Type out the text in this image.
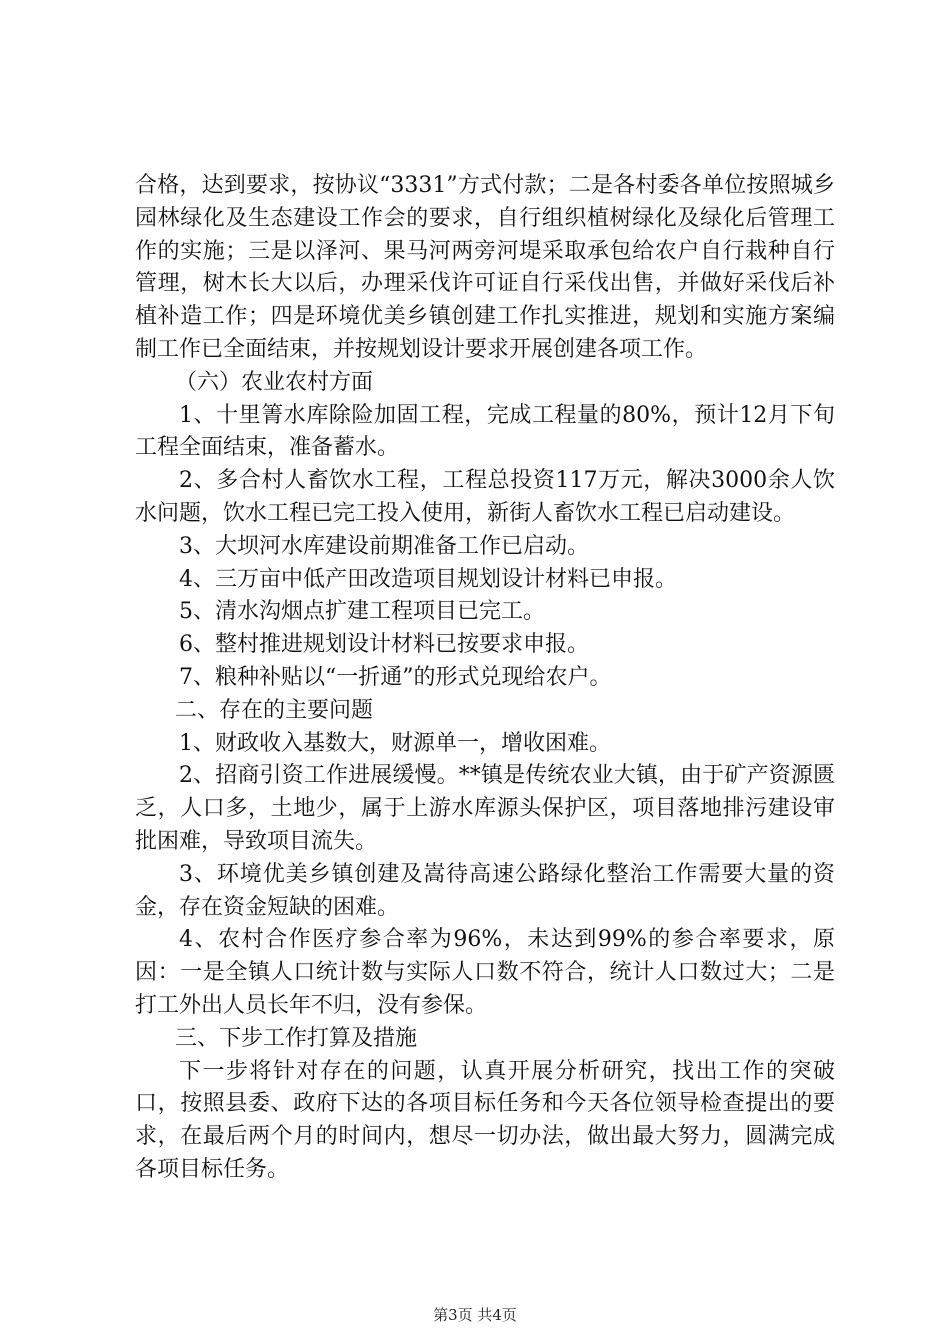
合格，达到要求，按协议“3331”方式付款；二是各村委各单位按照城乡园林绿化及生态建设工作会的要求，自行组织植树绿化及绿化后管理工作的实施；三是以泽河、果马河两旁河堤采取承包给农户自行栽种自行管理，树木长大以后，办理采伐许可证自行采伐出售，并做好采伐后补植补造工作；四是环境优美乡镇创建工作扎实推进，规划和实施方案编制工作已全面结束，并按规划设计要求开展创建各项工作。

（六）农业农村方面

1、十里箐水库除险加固工程，完成工程量的80%，预计12月下旬工程全面结束，准备蓄水。

2、多合村人畜饮水工程，工程总投资117万元，解决3000余人饮水问题，饮水工程已完工投入使用，新街人畜饮水工程已启动建设。

3、大坝河水库建设前期准备工作已启动。

4、三万亩中低产田改造项目规划设计材料已申报。

5、清水沟烟点扩建工程项目已完工。

6、整村推进规划设计材料已按要求申报。

7、粮种补贴以“一折通”的形式兑现给农户。

二、存在的主要问题

1、财政收入基数大，财源单一，增收困难。

2、招商引资工作进展缓慢。**镇是传统农业大镇，由于矿产资源匮乏，人口多，土地少，属于上游水库源头保护区，项目落地排污建设审批困难，导致项目流失。

3、环境优美乡镇创建及嵩待高速公路绿化整治工作需要大量的资金，存在资金短缺的困难。

4、农村合作医疗参合率为96%，未达到99%的参合率要求，原因：一是全镇人口统计数与实际人口数不符合，统计人口数过大；二是打工外出人员长年不归，没有参保。

三、下步工作打算及措施

下一步将针对存在的问题，认真开展分析研究，找出工作的突破口，按照县委、政府下达的各项目标任务和今天各位领导检查提出的要求，在最后两个月的时间内，想尽一切办法，做出最大努力，圆满完成各项目标任务。

第3页 共4页
